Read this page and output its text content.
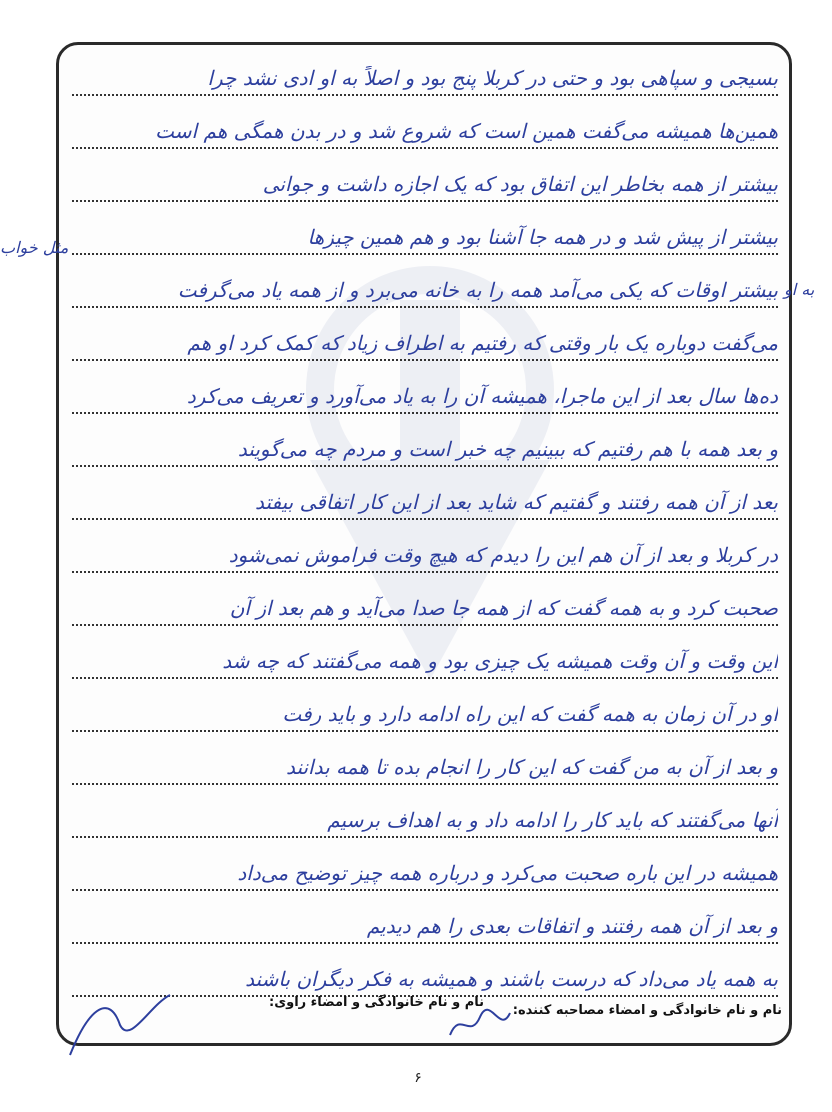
بسیجی و سپاهی بود و حتی در کربلا پنج بود و اصلاً به او ادی نشد چرا
همین‌ها همیشه می‌گفت همین است که شروع شد و در بدن همگی هم است
بیشتر از همه بخاطر این اتفاق بود که یک اجازه داشت و جوانی
بیشتر از پیش شد و در همه جا آشنا بود و هم همین چیزها
بیشتر اوقات که یکی می‌آمد همه را به خانه می‌برد و از همه یاد می‌گرفت
می‌گفت دوباره یک بار وقتی که رفتیم به اطراف زیاد که کمک کرد او هم
ده‌ها سال بعد از این ماجرا، همیشه آن را به یاد می‌آورد و تعریف می‌کرد
و بعد همه با هم رفتیم که ببینیم چه خبر است و مردم چه می‌گویند
بعد از آن همه رفتند و گفتیم که شاید بعد از این کار اتفاقی بیفتد
در کربلا و بعد از آن هم این را دیدم که هیچ وقت فراموش نمی‌شود
صحبت کرد و به همه گفت که از همه جا صدا می‌آید و هم بعد از آن
این وقت و آن وقت همیشه یک چیزی بود و همه می‌گفتند که چه شد
او در آن زمان به همه گفت که این راه ادامه دارد و باید رفت
و بعد از آن به من گفت که این کار را انجام بده تا همه بدانند
آنها می‌گفتند که باید کار را ادامه داد و به اهداف برسیم
همیشه در این باره صحبت می‌کرد و درباره همه چیز توضیح می‌داد
و بعد از آن همه رفتند و اتفاقات بعدی را هم دیدیم
به همه یاد می‌داد که درست باشند و همیشه به فکر دیگران باشند
مثل خواب
به او
نام و نام خانوادگی و امضاء مصاحبه کننده:
نام و نام خانوادگی و امضاء راوی:
۶
